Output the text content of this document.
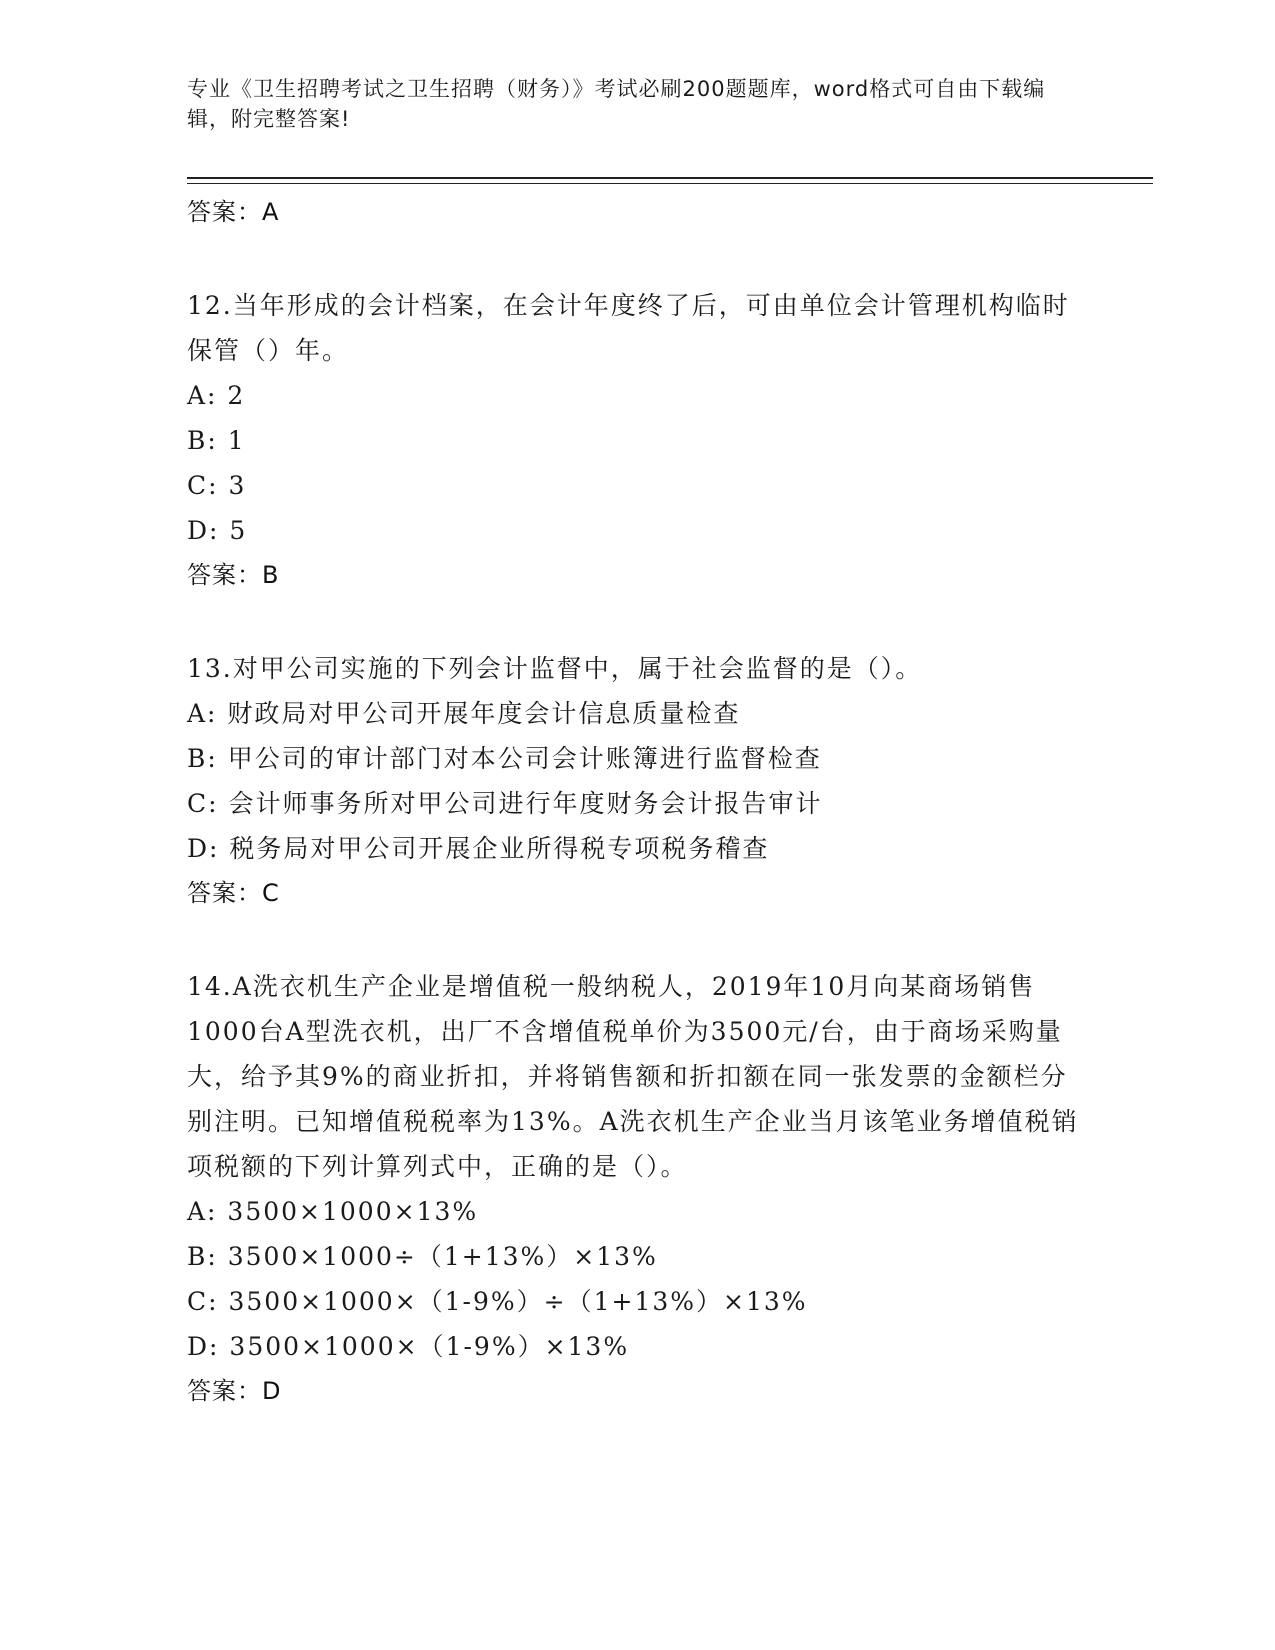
专业《卫生招聘考试之卫生招聘（财务）》考试必刷200题题库，word格式可自由下载编辑，附完整答案!
答案：A
12.当年形成的会计档案，在会计年度终了后，可由单位会计管理机构临时保管（）年。
A: 2
B: 1
C: 3
D: 5
答案：B
13.对甲公司实施的下列会计监督中，属于社会监督的是（）。
A: 财政局对甲公司开展年度会计信息质量检查
B: 甲公司的审计部门对本公司会计账簿进行监督检查
C: 会计师事务所对甲公司进行年度财务会计报告审计
D: 税务局对甲公司开展企业所得税专项税务稽查
答案：C
14.A洗衣机生产企业是增值税一般纳税人，2019年10月向某商场销售1000台A型洗衣机，出厂不含增值税单价为3500元/台，由于商场采购量大，给予其9%的商业折扣，并将销售额和折扣额在同一张发票的金额栏分别注明。已知增值税税率为13%。A洗衣机生产企业当月该笔业务增值税销项税额的下列计算列式中，正确的是（）。
A: 3500×1000×13%
B: 3500×1000÷（1+13%）×13%
C: 3500×1000×（1-9%）÷（1+13%）×13%
D: 3500×1000×（1-9%）×13%
答案：D
